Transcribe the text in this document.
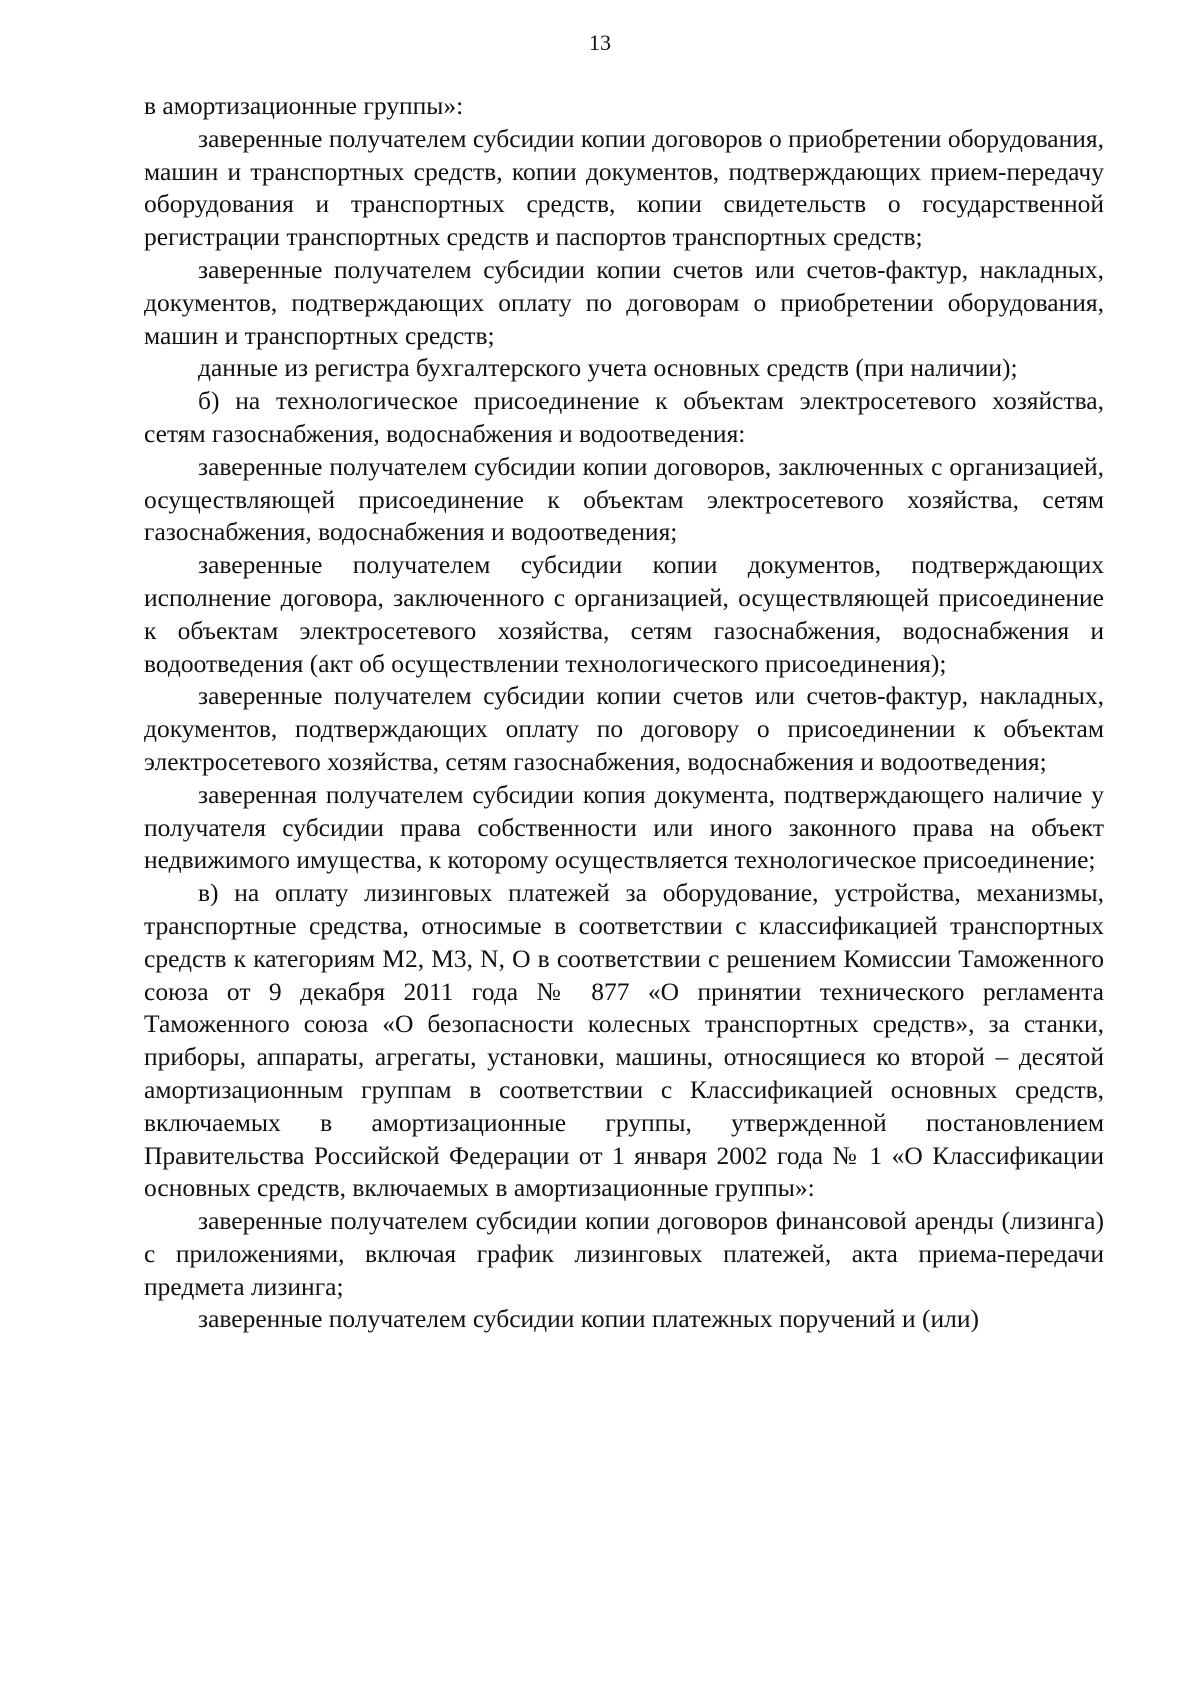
13

в амортизационные группы»:

заверенные получателем субсидии копии договоров о приобретении оборудования, машин и транспортных средств, копии документов, подтверждающих прием-передачу оборудования и транспортных средств, копии свидетельств о государственной регистрации транспортных средств и паспортов транспортных средств;

заверенные получателем субсидии копии счетов или счетов-фактур, накладных, документов, подтверждающих оплату по договорам о приобретении оборудования, машин и транспортных средств;

данные из регистра бухгалтерского учета основных средств (при наличии);

б) на технологическое присоединение к объектам электросетевого хозяйства, сетям газоснабжения, водоснабжения и водоотведения:

заверенные получателем субсидии копии договоров, заключенных с организацией, осуществляющей присоединение к объектам электросетевого хозяйства, сетям газоснабжения, водоснабжения и водоотведения;

заверенные получателем субсидии копии документов, подтверждающих исполнение договора, заключенного с организацией, осуществляющей присоединение к объектам электросетевого хозяйства, сетям газоснабжения, водоснабжения и водоотведения (акт об осуществлении технологического присоединения);

заверенные получателем субсидии копии счетов или счетов-фактур, накладных, документов, подтверждающих оплату по договору о присоединении к объектам электросетевого хозяйства, сетям газоснабжения, водоснабжения и водоотведения;

заверенная получателем субсидии копия документа, подтверждающего наличие у получателя субсидии права собственности или иного законного права на объект недвижимого имущества, к которому осуществляется технологическое присоединение;

в) на оплату лизинговых платежей за оборудование, устройства, механизмы, транспортные средства, относимые в соответствии с классификацией транспортных средств к категориям M2, M3, N, O в соответствии с решением Комиссии Таможенного союза от 9 декабря 2011 года № 877 «О принятии технического регламента Таможенного союза «О безопасности колесных транспортных средств», за станки, приборы, аппараты, агрегаты, установки, машины, относящиеся ко второй – десятой амортизационным группам в соответствии с Классификацией основных средств, включаемых в амортизационные группы, утвержденной постановлением Правительства Российской Федерации от 1 января 2002 года № 1 «О Классификации основных средств, включаемых в амортизационные группы»:

заверенные получателем субсидии копии договоров финансовой аренды (лизинга) с приложениями, включая график лизинговых платежей, акта приема-передачи предмета лизинга;

заверенные получателем субсидии копии платежных поручений и (или)
